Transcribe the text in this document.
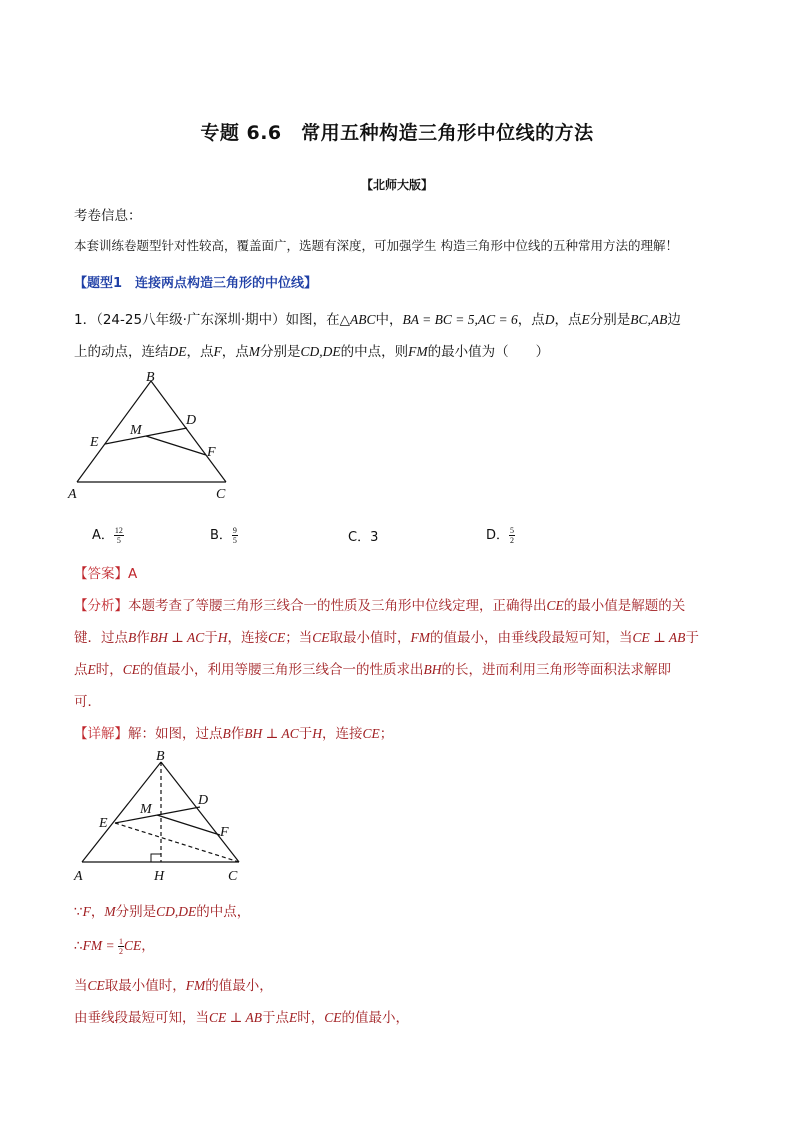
专题 6.6　常用五种构造三角形中位线的方法
【北师大版】
考卷信息：
本套训练卷题型针对性较高，覆盖面广，选题有深度，可加强学生 构造三角形中位线的五种常用方法的理解！
【题型1　连接两点构造三角形的中位线】
1．（24-25八年级·广东深圳·期中）如图，在△ABC中，BA = BC = 5,AC = 6，点D，点E分别是BC,AB边
上的动点，连结DE，点F，点M分别是CD,DE的中点，则FM的最小值为（　　）
A
B
C
D
E
F
M
A． $\frac{12}{5}$	B． $\frac{9}{5}$	C．3	D． $\frac{5}{2}$
【答案】A
【分析】本题考查了等腰三角形三线合一的性质及三角形中位线定理，正确得出CE的最小值是解题的关
键．过点B作BH ⊥ AC于H，连接CE；当CE取最小值时，FM的值最小，由垂线段最短可知，当CE ⊥ AB于
点E时，CE的值最小，利用等腰三角形三线合一的性质求出BH的长，进而利用三角形等面积法求解即
可．
【详解】解：如图，过点B作BH ⊥ AC于H，连接CE；
A
B
C
D
E
F
M
H
∵F，M分别是CD,DE的中点，
∴FM = $\frac{1}{2}$ CE，
当CE取最小值时，FM的值最小，
由垂线段最短可知，当CE ⊥ AB于点E时，CE的值最小，
